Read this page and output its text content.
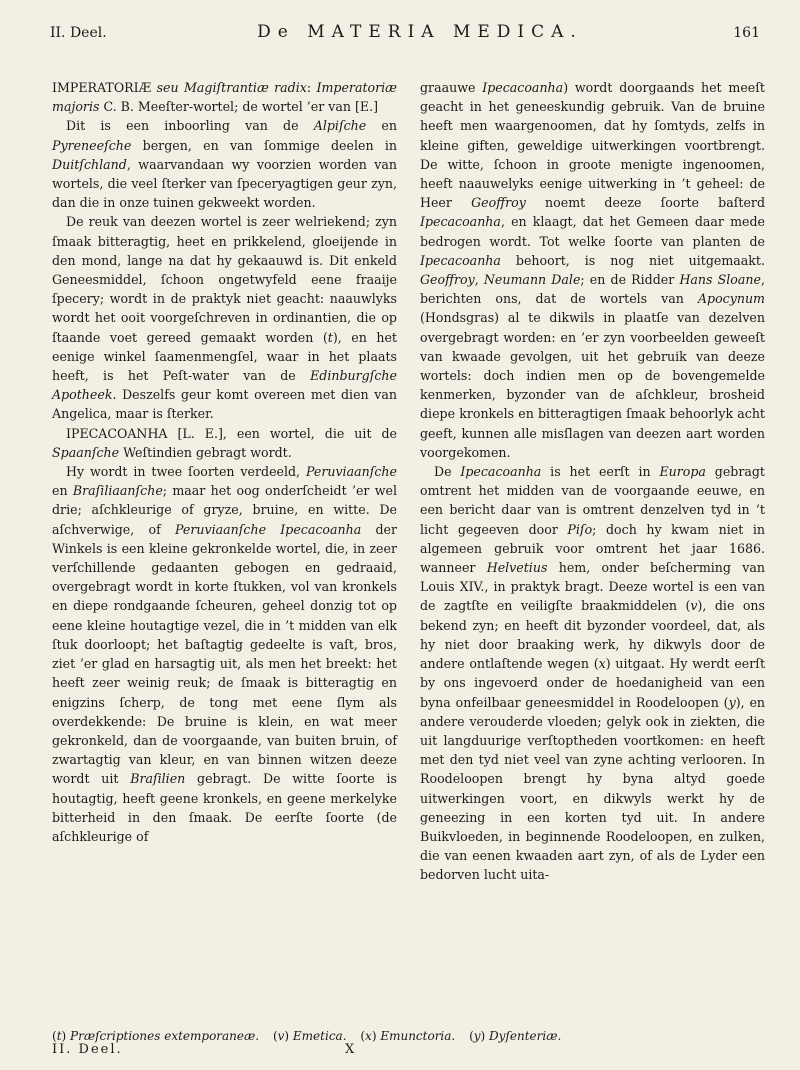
II. Deel.	De MATERIA MEDICA.	161

IMPERATORIÆ seu Magiſtrantiæ radix: Imperatoriæ majoris C. B. Meeſter-wortel; de wortel ’er van [E.]

Dit is een inboorling van de Alpiſche en Pyreneeſche bergen, en van ſommige deelen in Duitſchland, waarvandaan wy voorzien worden van wortels, die veel ſterker van ſpeceryagtigen geur zyn, dan die in onze tuinen gekweekt worden.

De reuk van deezen wortel is zeer welriekend; zyn ſmaak bitteragtig, heet en prikkelend, gloeijende in den mond, lange na dat hy gekaauwd is. Dit enkeld Geneesmiddel, ſchoon ongetwyfeld eene fraaije ſpecery; wordt in de praktyk niet geacht: naauwlyks wordt het ooit voorgeſchreven in ordinantien, die op ſtaande voet gereed gemaakt worden (t), en het eenige winkel ſaamenmengſel, waar in het plaats heeft, is het Peſt-water van de Edinburgſche Apotheek. Deszelfs geur komt overeen met dien van Angelica, maar is ſterker.

IPECACOANHA [L. E.], een wortel, die uit de Spaanſche Weſtindien gebragt wordt.

Hy wordt in twee ſoorten verdeeld, Peruviaanſche en Braſiliaanſche; maar het oog onderſcheidt ’er wel drie; aſchkleurige of gryze, bruine, en witte. De aſchverwige, of Peruviaanſche Ipecacoanha der Winkels is een kleine gekronkelde wortel, die, in zeer verſchillende gedaanten gebogen en gedraaid, overgebragt wordt in korte ſtukken, vol van kronkels en diepe rondgaande ſcheuren, geheel donzig tot op eene kleine houtagtige vezel, die in ’t midden van elk ſtuk doorloopt; het baſtagtig gedeelte is vaſt, bros, ziet ’er glad en harsagtig uit, als men het breekt: het heeft zeer weinig reuk; de ſmaak is bitteragtig en enigzins ſcherp, de tong met eene ſlym als overdekkende: De bruine is klein, en wat meer gekronkeld, dan de voorgaande, van buiten bruin, of zwartagtig van kleur, en van binnen witzen deeze wordt uit Braſilien gebragt. De witte ſoorte is houtagtig, heeft geene kronkels, en geene merkelyke bitterheid in den ſmaak. De eerſte ſoorte (de aſchkleurige of

graauwe Ipecacoanha) wordt doorgaands het meeſt geacht in het geneeskundig gebruik. Van de bruine heeft men waargenoomen, dat hy ſomtyds, zelfs in kleine giften, geweldige uitwerkingen voortbrengt. De witte, ſchoon in groote menigte ingenoomen, heeft naauwelyks eenige uitwerking in ’t geheel: de Heer Geoffroy noemt deeze ſoorte baſterd Ipecacoanha, en klaagt, dat het Gemeen daar mede bedrogen wordt. Tot welke ſoorte van planten de Ipecacoanha behoort, is nog niet uitgemaakt. Geoffroy, Neumann Dale; en de Ridder Hans Sloane, berichten ons, dat de wortels van Apocynum (Hondsgras) al te dikwils in plaatſe van dezelven overgebragt worden: en ’er zyn voorbeelden geweeſt van kwaade gevolgen, uit het gebruik van deeze wortels: doch indien men op de bovengemelde kenmerken, byzonder van de aſchkleur, brosheid diepe kronkels en bitteragtigen ſmaak behoorlyk acht geeft, kunnen alle misſlagen van deezen aart worden voorgekomen.

De Ipecacoanha is het eerſt in Europa gebragt omtrent het midden van de voorgaande eeuwe, en een bericht daar van is omtrent denzelven tyd in ’t licht gegeeven door Piſo; doch hy kwam niet in algemeen gebruik voor omtrent het jaar 1686. wanneer Helvetius hem, onder beſcherming van Louis XIV., in praktyk bragt. Deeze wortel is een van de zagtſte en veiligſte braakmiddelen (v), die ons bekend zyn; en heeft dit byzonder voordeel, dat, als hy niet door braaking werk, hy dikwyls door de andere ontlaſtende wegen (x) uitgaat. Hy werdt eerſt by ons ingevoerd onder de hoedanigheid van een byna onfeilbaar geneesmiddel in Roodeloopen (y), en andere verouderde vloeden; gelyk ook in ziekten, die uit langduurige verſtoptheden voortkomen: en heeft met den tyd niet veel van zyne achting verlooren. In Roodeloopen brengt hy byna altyd goede uitwerkingen voort, en dikwyls werkt hy de geneezing in een korten tyd uit. In andere Buikvloeden, in beginnende Roodeloopen, en zulken, die van eenen kwaaden aart zyn, of als de Lyder een bedorven lucht uita-

(t) Præſcriptiones extemporaneæ. (v) Emetica. (x) Emunctoria. (y) Dyſenteriæ.
II. Deel.	X
